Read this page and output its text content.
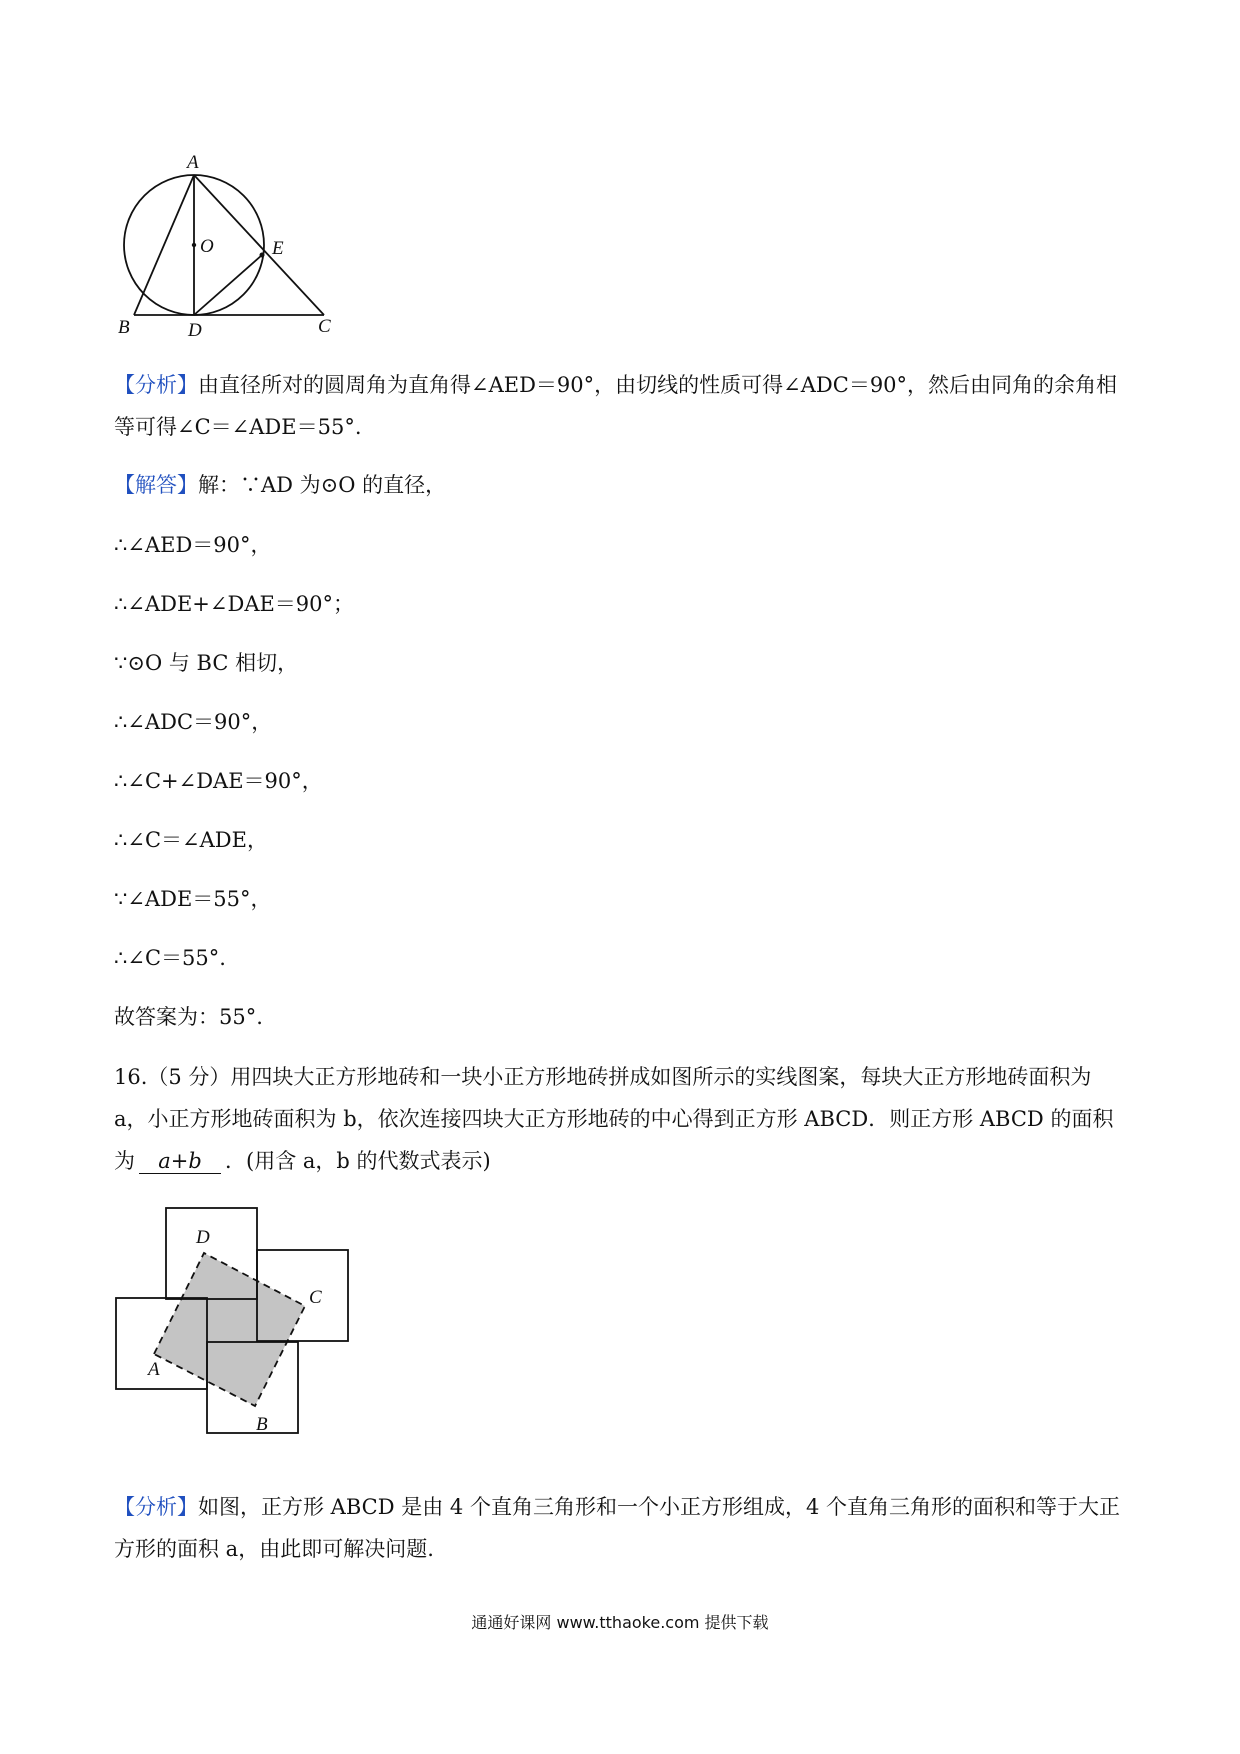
A
O	E
B	D	C
【分析】由直径所对的圆周角为直角得∠AED＝90°，由切线的性质可得∠ADC＝90°，然后由同角的余角相
等可得∠C＝∠ADE＝55°.
【解答】解：∵AD 为⊙O 的直径，
∴∠AED＝90°，
∴∠ADE+∠DAE＝90°；
∵⊙O 与 BC 相切，
∴∠ADC＝90°，
∴∠C+∠DAE＝90°，
∴∠C＝∠ADE，
∵∠ADE＝55°，
∴∠C＝55°.
故答案为：55°.
16.（5 分）用四块大正方形地砖和一块小正方形地砖拼成如图所示的实线图案，每块大正方形地砖面积为
a，小正方形地砖面积为 b，依次连接四块大正方形地砖的中心得到正方形 ABCD．则正方形 ABCD 的面积
为 a+b ．(用含 a，b 的代数式表示)
D
C
A
B
【分析】如图，正方形 ABCD 是由 4 个直角三角形和一个小正方形组成，4 个直角三角形的面积和等于大正
方形的面积 a，由此即可解决问题.
通通好课网 www.tthaoke.com 提供下载
